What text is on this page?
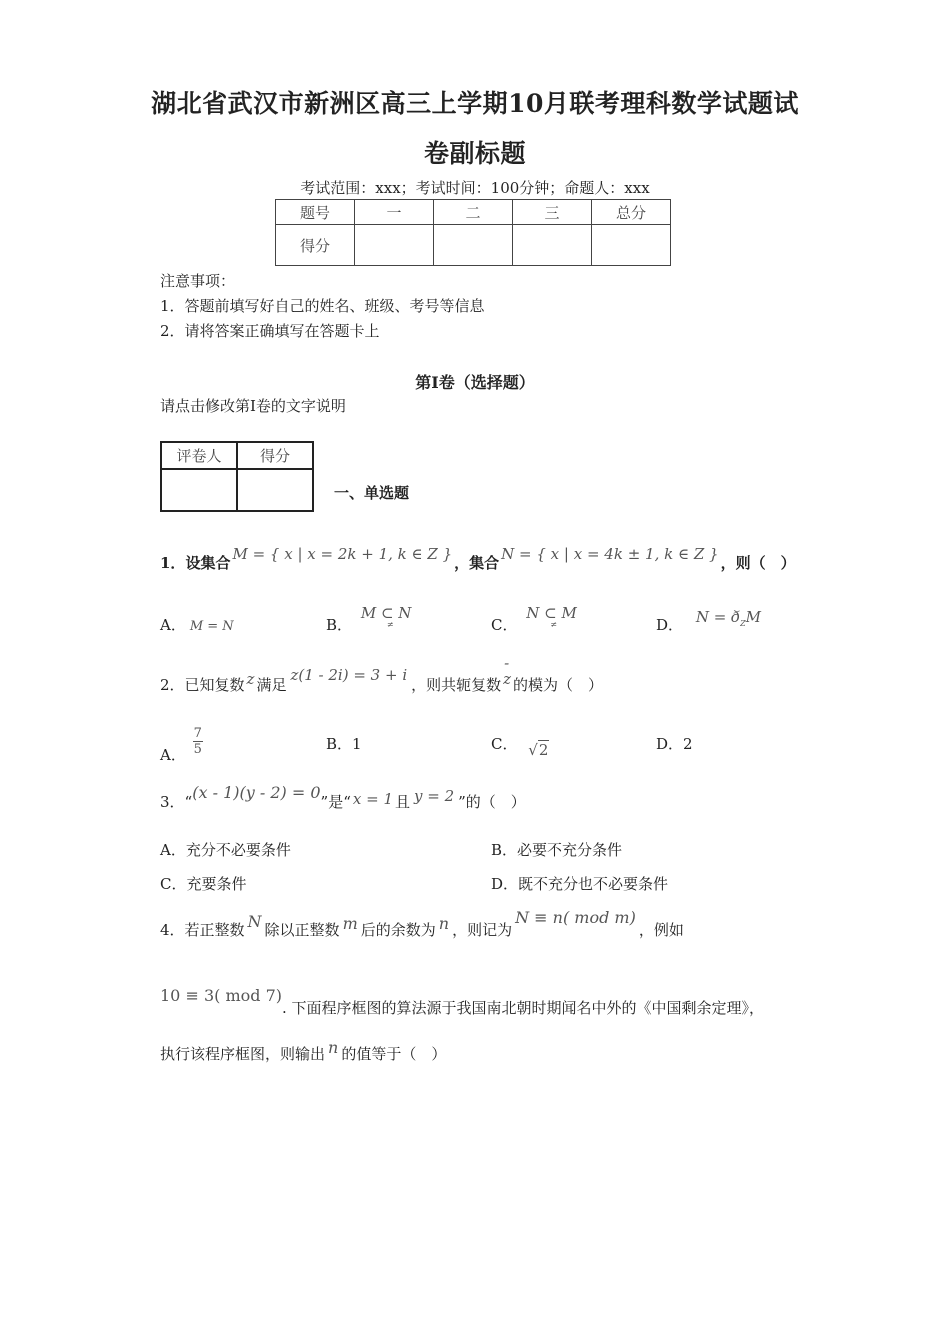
湖北省武汉市新洲区高三上学期10月联考理科数学试题试
卷副标题
考试范围：xxx；考试时间：100分钟；命题人：xxx
题号	一	二	三	总分
得分				
注意事项：
1．答题前填写好自己的姓名、班级、考号等信息
2．请将答案正确填写在答题卡上
第I卷（选择题）
请点击修改第I卷的文字说明
评卷人	得分

一、单选题
1．设集合 M = { x | x = 2k + 1, k ∈ Z } ，集合 N = { x | x = 4k ± 1, k ∈ Z } ，则（　）
A． M = N	B． M ⊂ N
≠	C． N ⊂ M
≠	D． $N = ð_ZM$
2．已知复数 z 满足z(1 - 2i) = 3 + i，则共轭复数
-
z 的模为（　）
A． $\frac{7}{5}$	B．1	C． √2	D．2
3．“(x - 1)(y - 2) = 0”是“ x = 1 且 y = 2 ”的（　）
A．充分不必要条件	B．必要不充分条件
C．充要条件	D．既不充分也不必要条件
4．若正整数 N 除以正整数 m 后的余数为 n ，则记为N ≡ n( mod m)，例如
10 ≡ 3( mod 7). 下面程序框图的算法源于我国南北朝时期闻名中外的《中国剩余定理》，
执行该程序框图，则输出 n 的值等于（　）
